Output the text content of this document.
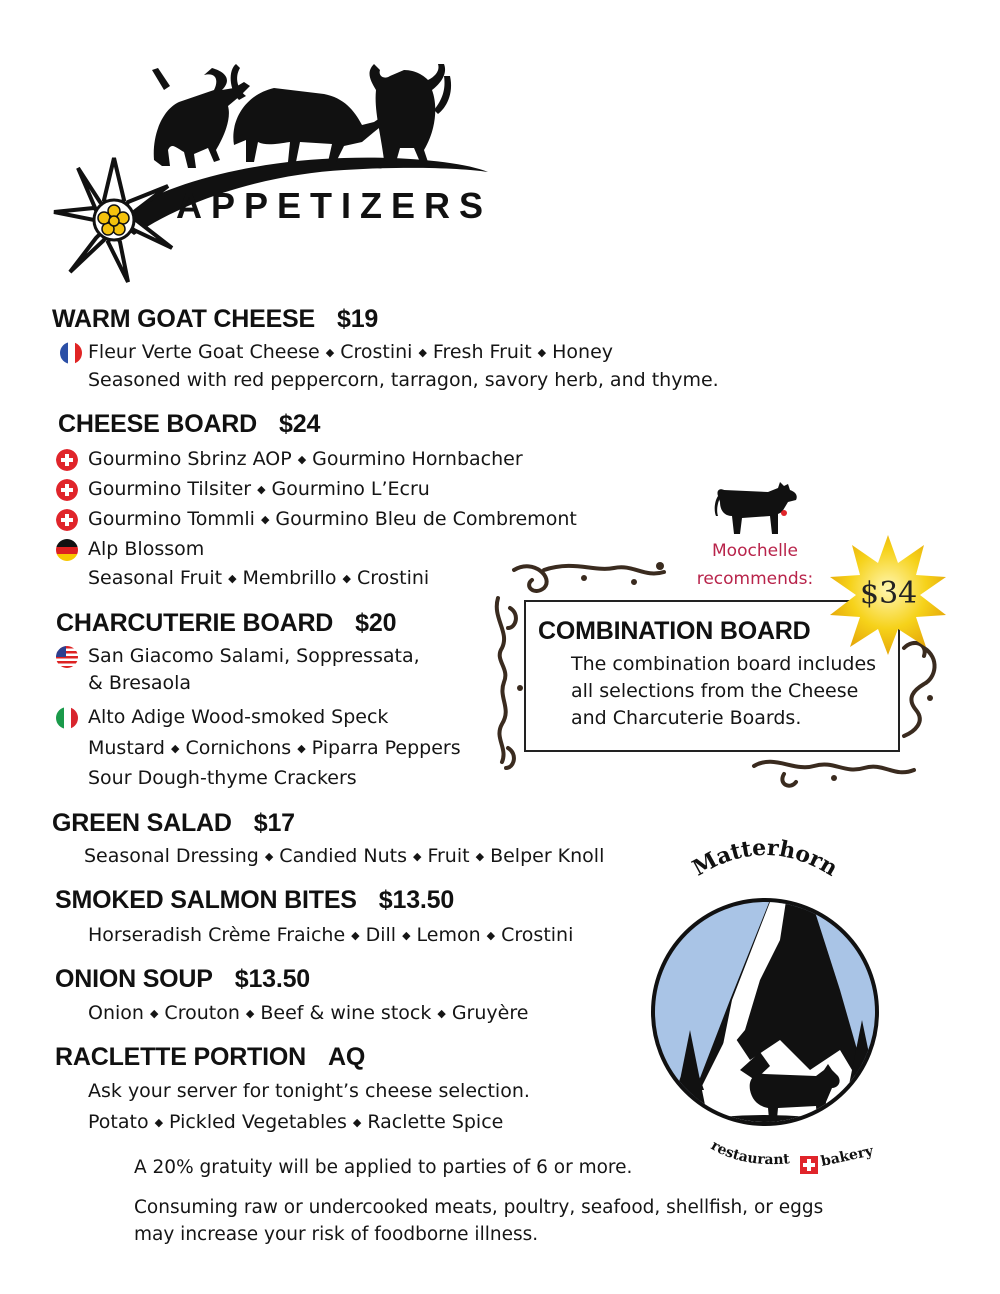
APPETIZERS
WARM GOAT CHEESE $19
Fleur Verte Goat Cheese ◆ Crostini ◆ Fresh Fruit ◆ Honey
Seasoned with red peppercorn, tarragon, savory herb, and thyme.
CHEESE BOARD $24
Gourmino Sbrinz AOP ◆ Gourmino Hornbacher
Gourmino Tilsiter ◆ Gourmino L’Ecru
Gourmino Tommli ◆ Gourmino Bleu de Combremont
Alp Blossom
Seasonal Fruit ◆ Membrillo ◆ Crostini
CHARCUTERIE BOARD $20
San Giacomo Salami, Soppressata,
& Bresaola
Alto Adige Wood-smoked Speck
Mustard ◆ Cornichons ◆ Piparra Peppers
Sour Dough-thyme Crackers
Moochelle
recommends:
COMBINATION BOARD
The combination board includes
all selections from the Cheese
and Charcuterie Boards.
$34
GREEN SALAD $17
Seasonal Dressing ◆ Candied Nuts ◆ Fruit ◆ Belper Knoll
SMOKED SALMON BITES $13.50
Horseradish Crème Fraiche ◆ Dill ◆ Lemon ◆ Crostini
ONION SOUP $13.50
Onion ◆ Crouton ◆ Beef & wine stock ◆ Gruyère
RACLETTE PORTION AQ
Ask your server for tonight’s cheese selection.
Potato ◆ Pickled Vegetables ◆ Raclette Spice
Matterhorn
restaurant bakery
A 20% gratuity will be applied to parties of 6 or more.
Consuming raw or undercooked meats, poultry, seafood, shellfish, or eggs
may increase your risk of foodborne illness.
